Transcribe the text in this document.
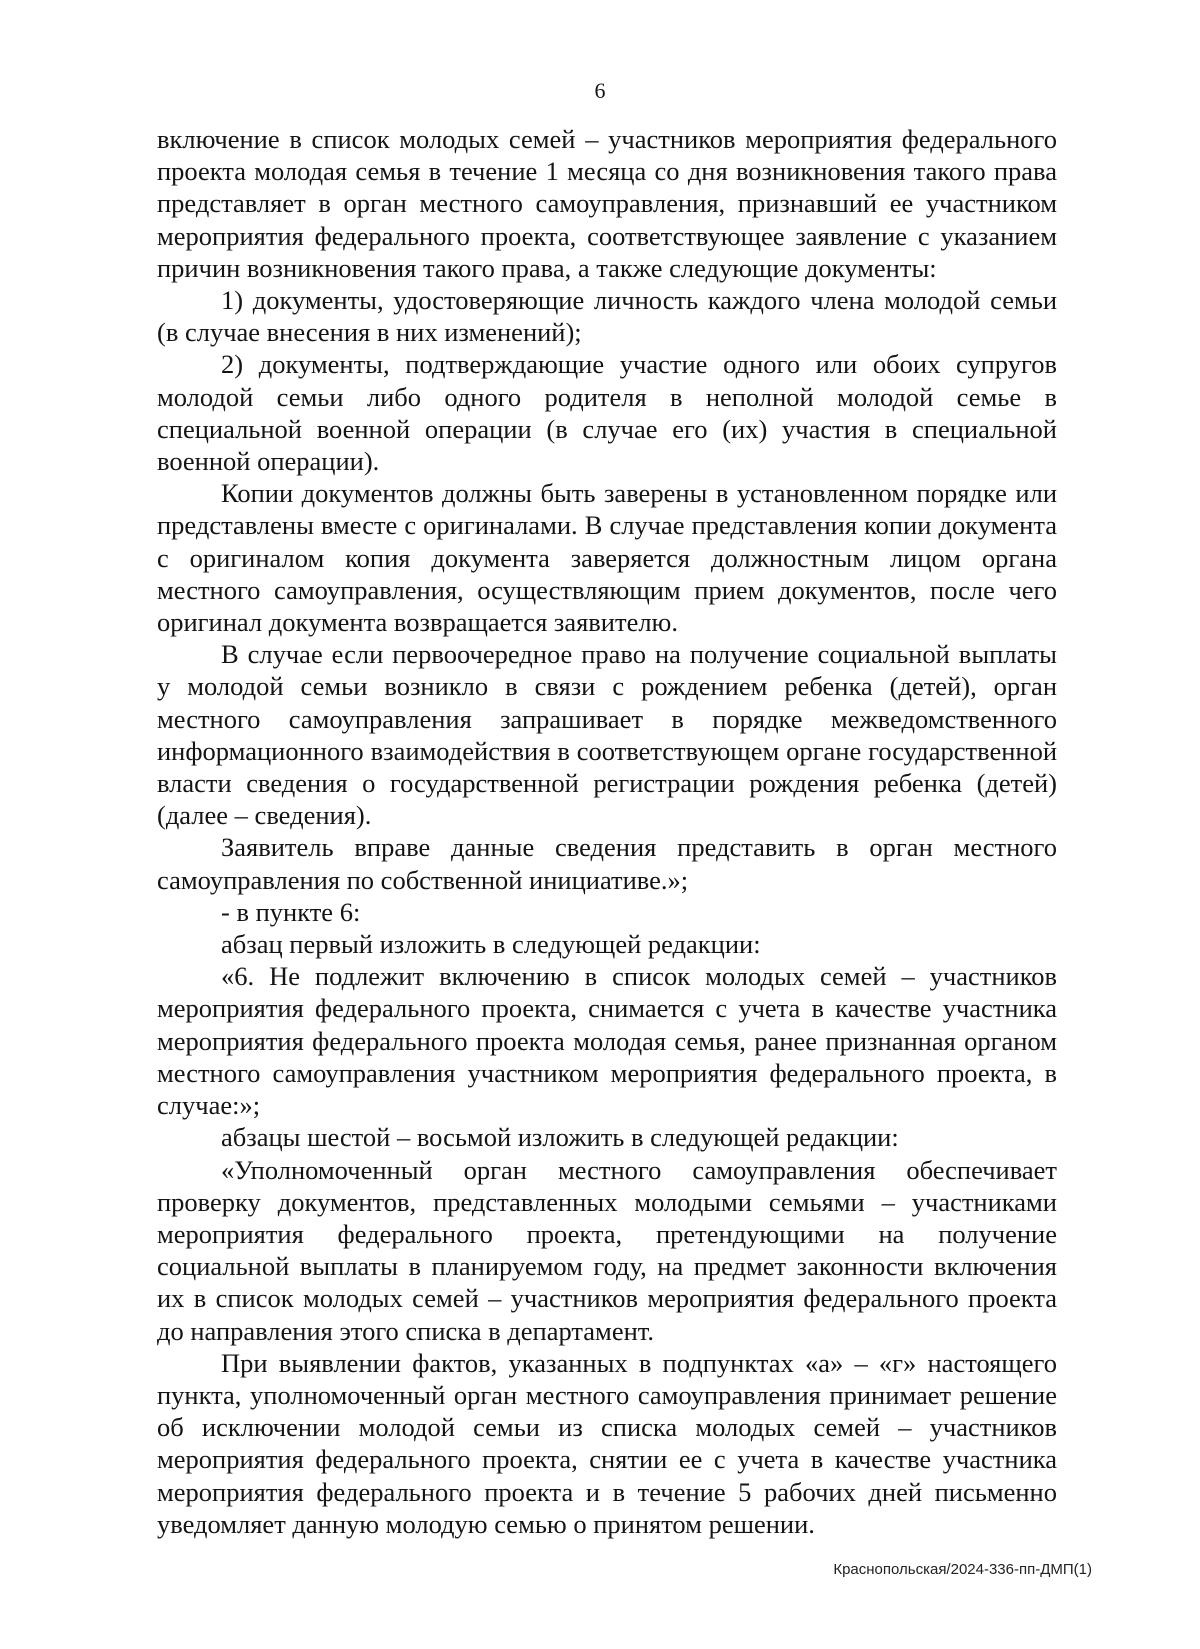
6

включение в список молодых семей – участников мероприятия федерального проекта молодая семья в течение 1 месяца со дня возникновения такого права представляет в орган местного самоуправления, признавший ее участником мероприятия федерального проекта, соответствующее заявление с указанием причин возникновения такого права, а также следующие документы:

1) документы, удостоверяющие личность каждого члена молодой семьи (в случае внесения в них изменений);

2) документы, подтверждающие участие одного или обоих супругов молодой семьи либо одного родителя в неполной молодой семье в специальной военной операции (в случае его (их) участия в специальной военной операции).

Копии документов должны быть заверены в установленном порядке или представлены вместе с оригиналами. В случае представления копии документа с оригиналом копия документа заверяется должностным лицом органа местного самоуправления, осуществляющим прием документов, после чего оригинал документа возвращается заявителю.

В случае если первоочередное право на получение социальной выплаты у молодой семьи возникло в связи с рождением ребенка (детей), орган местного самоуправления запрашивает в порядке межведомственного информационного взаимодействия в соответствующем органе государственной власти сведения о государственной регистрации рождения ребенка (детей) (далее – сведения).

Заявитель вправе данные сведения представить в орган местного самоуправления по собственной инициативе.»;

- в пункте 6:

абзац первый изложить в следующей редакции:

«6. Не подлежит включению в список молодых семей – участников мероприятия федерального проекта, снимается с учета в качестве участника мероприятия федерального проекта молодая семья, ранее признанная органом местного самоуправления участником мероприятия федерального проекта, в случае:»;

абзацы шестой – восьмой изложить в следующей редакции:

«Уполномоченный орган местного самоуправления обеспечивает проверку документов, представленных молодыми семьями – участниками мероприятия федерального проекта, претендующими на получение социальной выплаты в планируемом году, на предмет законности включения их в список молодых семей – участников мероприятия федерального проекта до направления этого списка в департамент.

При выявлении фактов, указанных в подпунктах «а» – «г» настоящего пункта, уполномоченный орган местного самоуправления принимает решение об исключении молодой семьи из списка молодых семей – участников мероприятия федерального проекта, снятии ее с учета в качестве участника мероприятия федерального проекта и в течение 5 рабочих дней письменно уведомляет данную молодую семью о принятом решении.

Краснопольская/2024-336-пп-ДМП(1)
